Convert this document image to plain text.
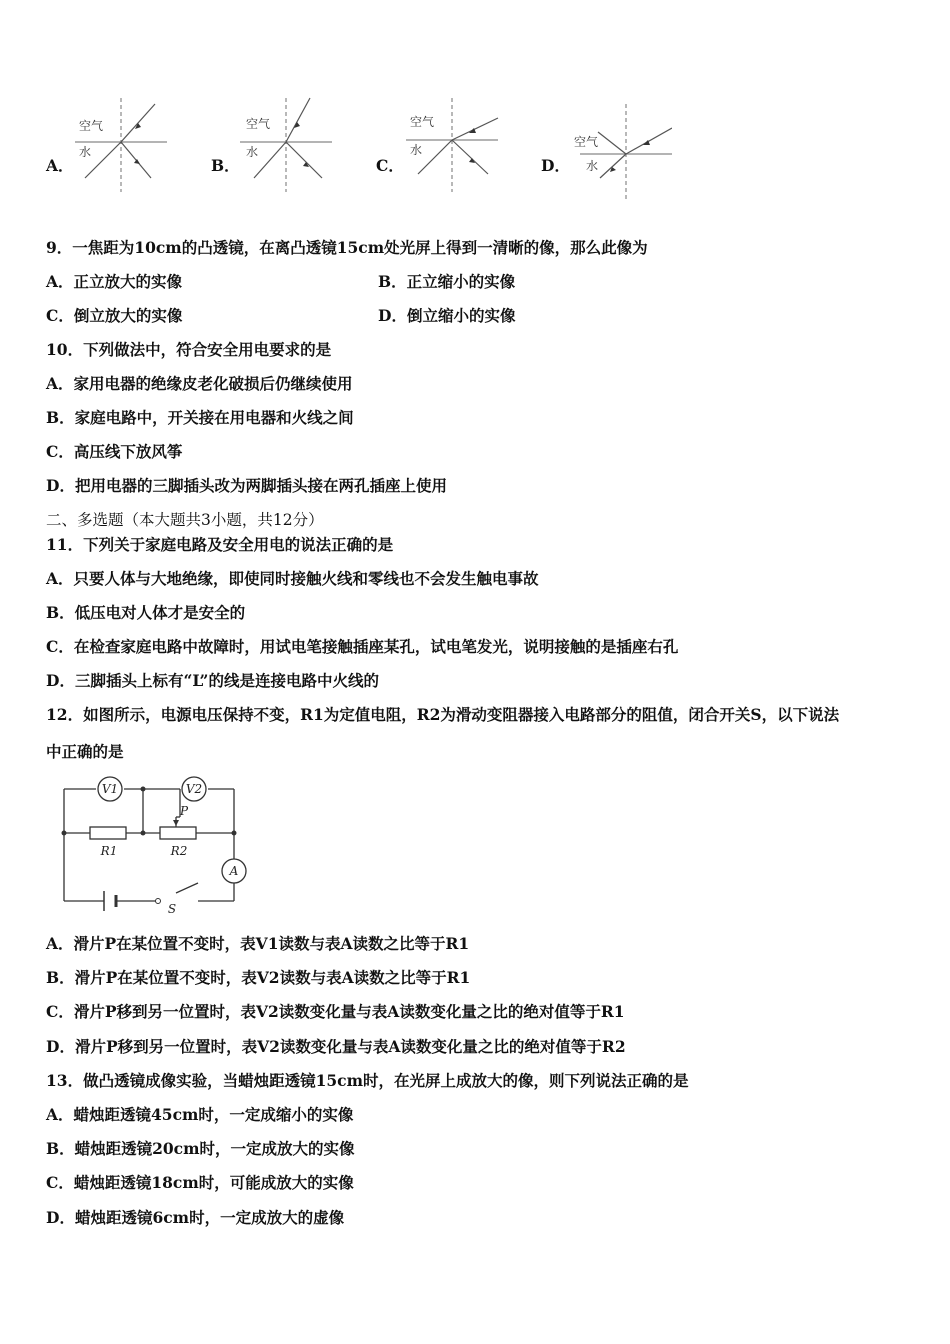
A．
空气
水
B．
空气
水
C．
空气
水
D．
空气
水
9．一焦距为10cm的凸透镜，在离凸透镜15cm处光屏上得到一清晰的像，那么此像为
A．正立放大的实像	B．正立缩小的实像
C．倒立放大的实像	D．倒立缩小的实像
10．下列做法中，符合安全用电要求的是
A．家用电器的绝缘皮老化破损后仍继续使用
B．家庭电路中，开关接在用电器和火线之间
C．高压线下放风筝
D．把用电器的三脚插头改为两脚插头接在两孔插座上使用
二、多选题（本大题共3小题，共12分）
11．下列关于家庭电路及安全用电的说法正确的是
A．只要人体与大地绝缘，即使同时接触火线和零线也不会发生触电事故
B．低压电对人体才是安全的
C．在检查家庭电路中故障时，用试电笔接触插座某孔，试电笔发光，说明接触的是插座右孔
D．三脚插头上标有“L”的线是连接电路中火线的
12．如图所示，电源电压保持不变，R1为定值电阻，R2为滑动变阻器接入电路部分的阻值，闭合开关S，以下说法
中正确的是
V1	V2
A
R1	R2
P
S
A．滑片P在某位置不变时，表V1读数与表A读数之比等于R1
B．滑片P在某位置不变时，表V2读数与表A读数之比等于R1
C．滑片P移到另一位置时，表V2读数变化量与表A读数变化量之比的绝对值等于R1
D．滑片P移到另一位置时，表V2读数变化量与表A读数变化量之比的绝对值等于R2
13．做凸透镜成像实验，当蜡烛距透镜15cm时，在光屏上成放大的像，则下列说法正确的是
A．蜡烛距透镜45cm时，一定成缩小的实像
B．蜡烛距透镜20cm时，一定成放大的实像
C．蜡烛距透镜18cm时，可能成放大的实像
D．蜡烛距透镜6cm时，一定成放大的虚像
